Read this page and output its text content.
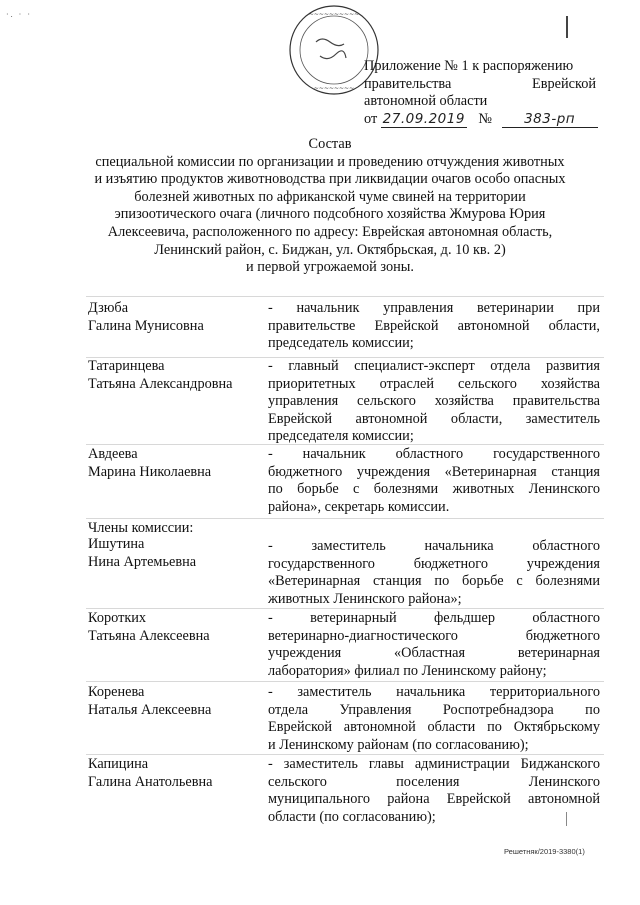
·. · ·	~~~~~~~~~~
~~~~~~~~
Приложение № 1 к распоряжению
правительства	Еврейской
автономной области
от 27.09.2019 № 383-рп
Состав
специальной комиссии по организации и проведению отчуждения животных
и изъятию продуктов животноводства при ликвидации очагов особо опасных
болезней животных по африканской чуме свиней на территории
эпизоотического очага (личного подсобного хозяйства Жмурова Юрия
Алексеевича, расположенного по адресу: Еврейская автономная область,
Ленинский район, с. Биджан, ул. Октябрьская, д. 10 кв. 2)
и первой угрожаемой зоны.
Дзюба
Галина Мунисовна
- начальник управления ветеринарии при
правительстве Еврейской автономной области,
председатель комиссии;
Татаринцева
Татьяна Александровна
- главный специалист-эксперт отдела развития
приоритетных отраслей сельского хозяйства
управления сельского хозяйства правительства
Еврейской автономной области, заместитель
председателя комиссии;
Авдеева
Марина Николаевна
- начальник областного государственного
бюджетного учреждения «Ветеринарная станция
по борьбе с болезнями животных Ленинского
района», секретарь комиссии.
Члены комиссии:
Ишутина
Нина Артемьевна
- заместитель начальника областного
государственного бюджетного учреждения
«Ветеринарная станция по борьбе с болезнями
животных Ленинского района»;
Коротких
Татьяна Алексеевна
- ветеринарный фельдшер областного
ветеринарно-диагностического бюджетного
учреждения «Областная ветеринарная
лаборатория» филиал по Ленинскому району;
Коренева
Наталья Алексеевна
- заместитель начальника территориального
отдела Управления Роспотребнадзора по
Еврейской автономной области по Октябрьскому
и Ленинскому районам (по согласованию);
Капицина
Галина Анатольевна
- заместитель главы администрации Биджанского
сельского поселения Ленинского
муниципального района Еврейской автономной
области (по согласованию);
Решетняк/2019-3380(1)
